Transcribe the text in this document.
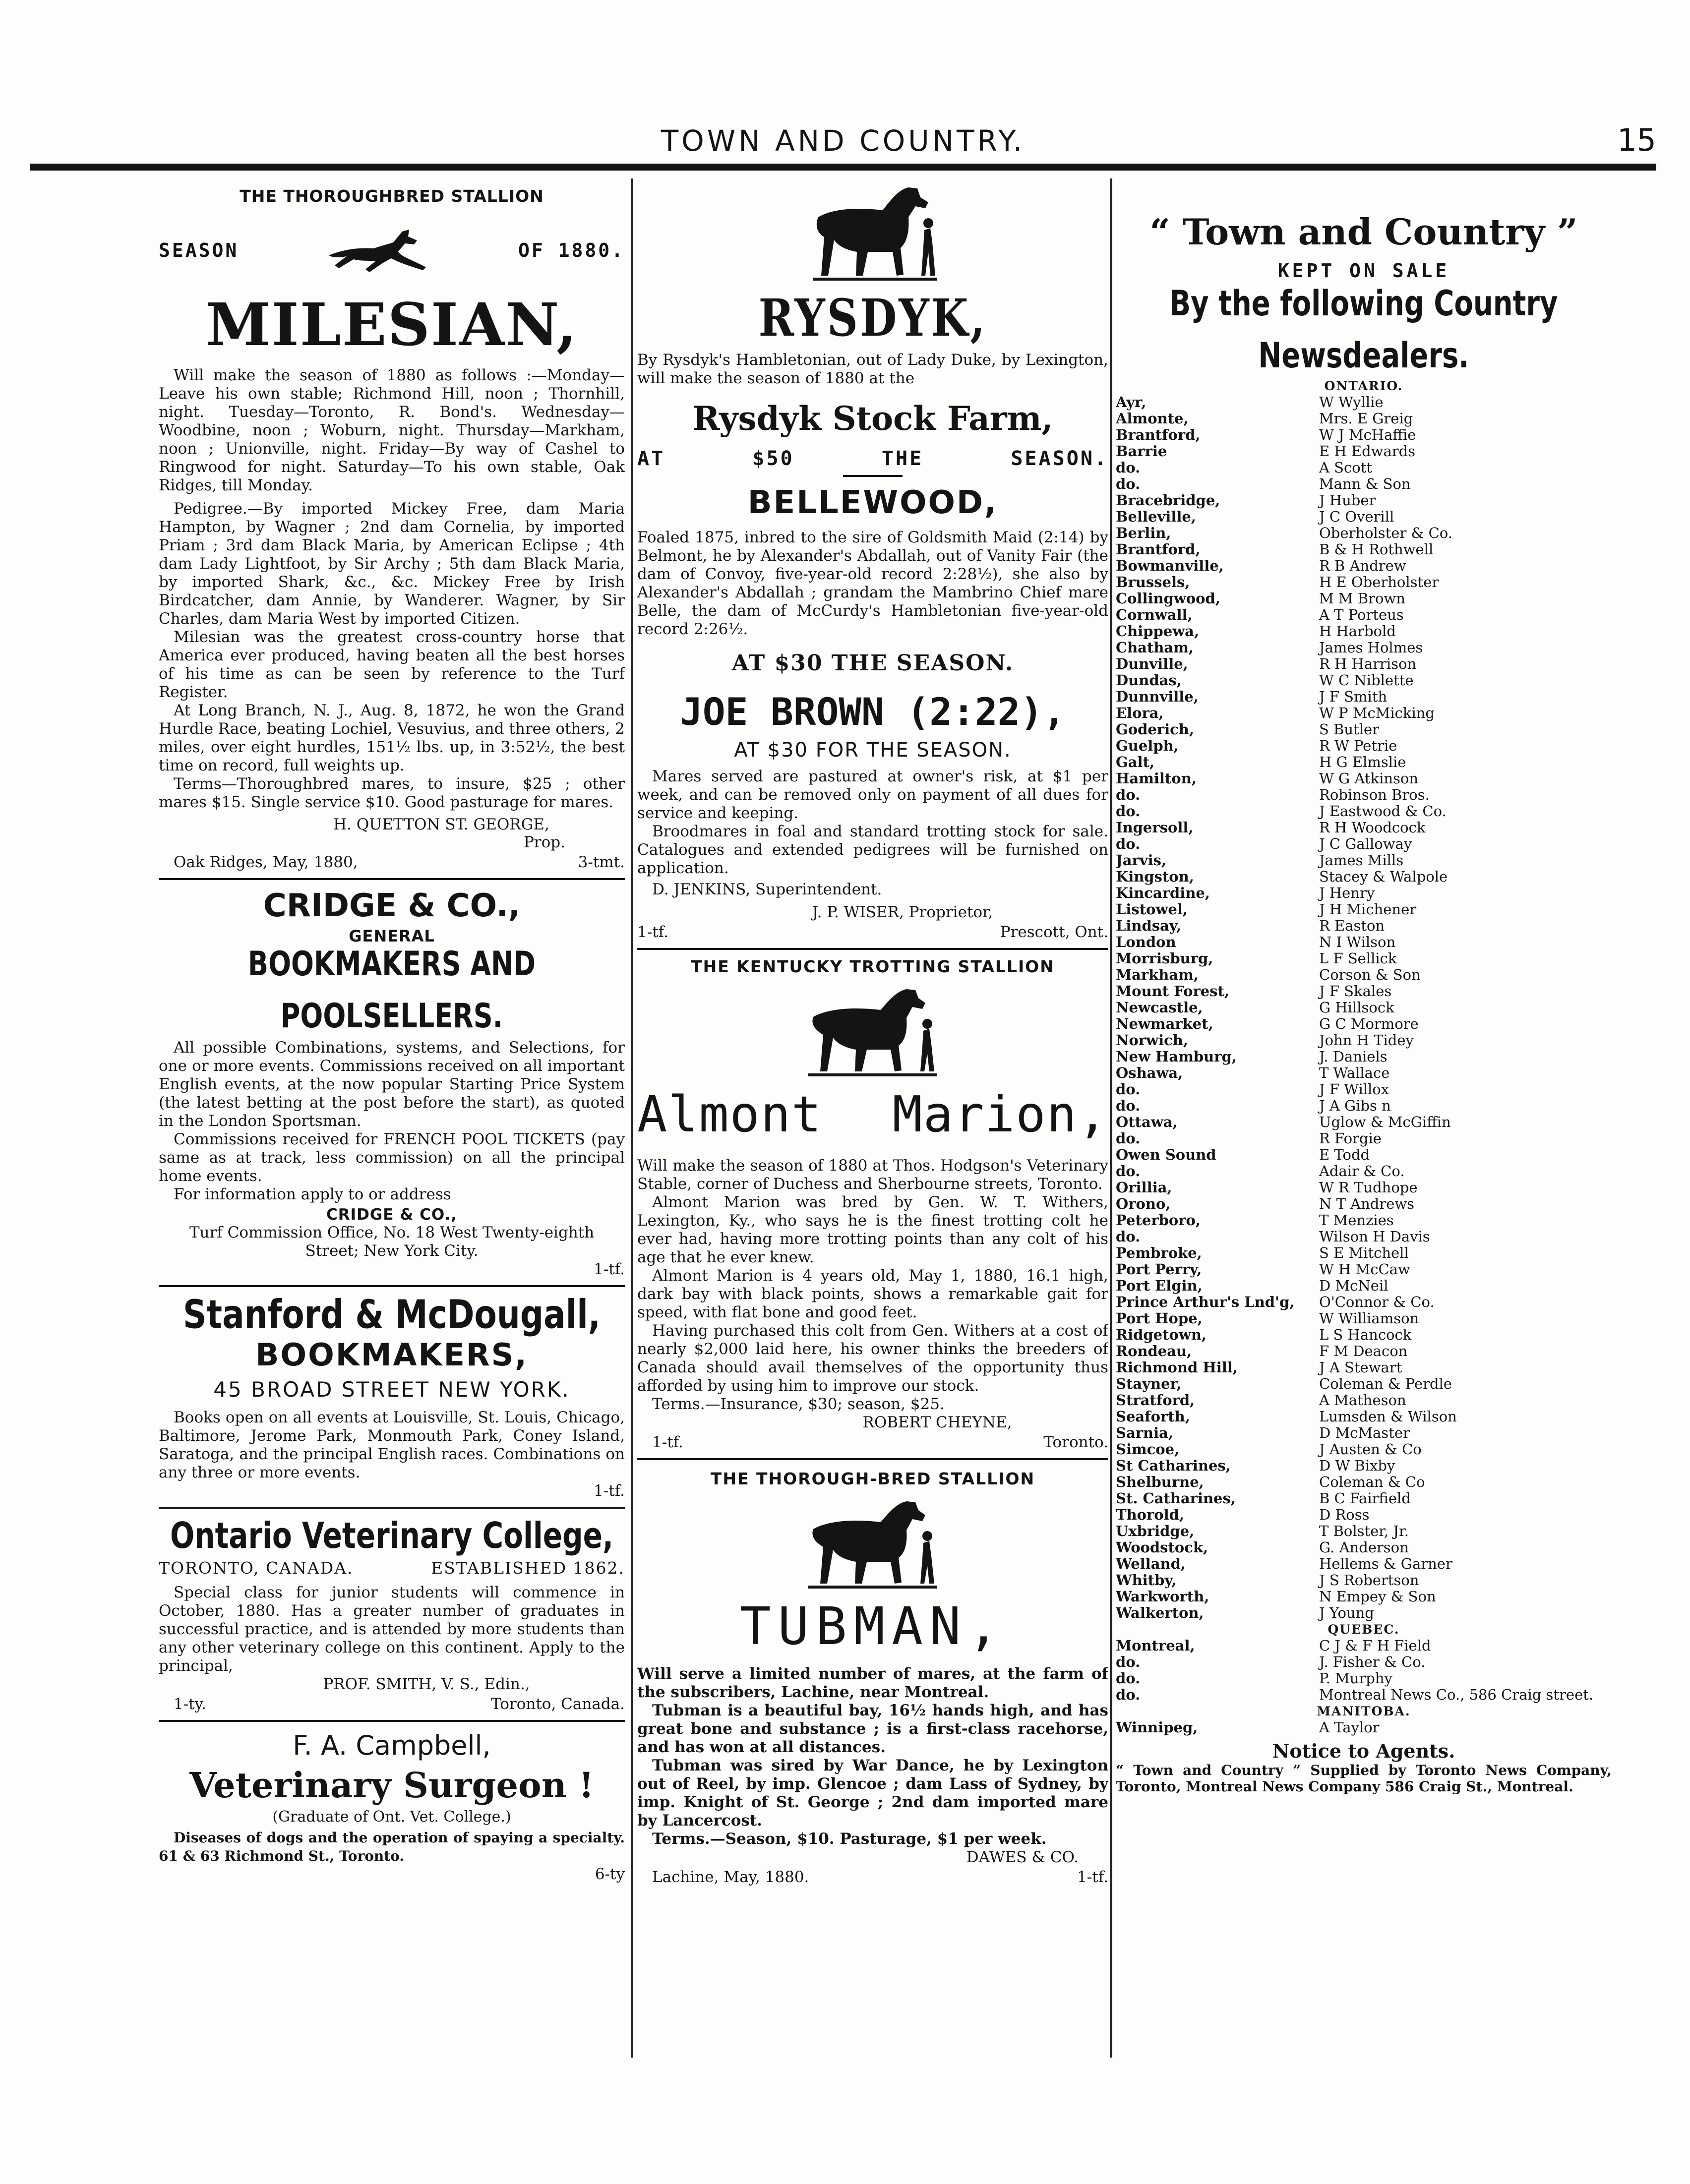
TOWN AND COUNTRY.	15
THE THOROUGHBRED STALLION
SEASON	OF 1880.
MILESIAN,

Will make the season of 1880 as follows :—Monday—Leave his own stable; Richmond Hill, noon ; Thornhill, night. Tuesday—Toronto, R. Bond's. Wednesday—Woodbine, noon ; Woburn, night. Thursday—Markham, noon ; Unionville, night. Friday—By way of Cashel to Ringwood for night. Saturday—To his own stable, Oak Ridges, till Monday.

Pedigree.—By imported Mickey Free, dam Maria Hampton, by Wagner ; 2nd dam Cornelia, by imported Priam ; 3rd dam Black Maria, by American Eclipse ; 4th dam Lady Lightfoot, by Sir Archy ; 5th dam Black Maria, by imported Shark, &c., &c. Mickey Free by Irish Birdcatcher, dam Annie, by Wanderer. Wagner, by Sir Charles, dam Maria West by imported Citizen.

Milesian was the greatest cross-country horse that America ever produced, having beaten all the best horses of his time as can be seen by reference to the Turf Register.

At Long Branch, N. J., Aug. 8, 1872, he won the Grand Hurdle Race, beating Lochiel, Vesuvius, and three others, 2 miles, over eight hurdles, 151½ lbs. up, in 3:52½, the best time on record, full weights up.

Terms—Thoroughbred mares, to insure, $25 ; other mares $15. Single service $10. Good pasturage for mares.

H. QUETTON ST. GEORGE,
Prop.
Oak Ridges, May, 1880,	3-tmt.
CRIDGE & CO.,
GENERAL
BOOKMAKERS AND POOLSELLERS.

All possible Combinations, systems, and Selections, for one or more events. Commissions received on all important English events, at the now popular Starting Price System (the latest betting at the post before the start), as quoted in the London Sportsman.

Commissions received for FRENCH POOL TICKETS (pay same as at track, less commission) on all the principal home events.

For information apply to or address

CRIDGE & CO.,
Turf Commission Office, No. 18 West Twenty-eighth Street; New York City.
1-tf.
Stanford & McDougall,
BOOKMAKERS,
45 BROAD STREET NEW YORK.

Books open on all events at Louisville, St. Louis, Chicago, Baltimore, Jerome Park, Monmouth Park, Coney Island, Saratoga, and the principal English races. Combinations on any three or more events.

1-tf.
Ontario Veterinary College,
TORONTO, CANADA.	ESTABLISHED 1862.

Special class for junior students will commence in October, 1880. Has a greater number of graduates in successful practice, and is attended by more students than any other veterinary college on this continent. Apply to the principal,

PROF. SMITH, V. S., Edin.,
1-ty.	Toronto, Canada.
F. A. Campbell,
Veterinary Surgeon !
(Graduate of Ont. Vet. College.)

Diseases of dogs and the operation of spaying a specialty. 61 & 63 Richmond St., Toronto.

6-ty
RYSDYK,

By Rysdyk's Hambletonian, out of Lady Duke, by Lexington, will make the season of 1880 at the

Rysdyk Stock Farm,
AT	$50	THE	SEASON.
BELLEWOOD,

Foaled 1875, inbred to the sire of Goldsmith Maid (2:14) by Belmont, he by Alexander's Abdallah, out of Vanity Fair (the dam of Convoy, five-year-old record 2:28½), she also by Alexander's Abdallah ; grandam the Mambrino Chief mare Belle, the dam of McCurdy's Hambletonian five-year-old record 2:26½.

AT $30 THE SEASON.
JOE BROWN (2:22),
AT $30 FOR THE SEASON.

Mares served are pastured at owner's risk, at $1 per week, and can be removed only on payment of all dues for service and keeping.

Broodmares in foal and standard trotting stock for sale. Catalogues and extended pedigrees will be furnished on application.

D. JENKINS, Superintendent.
J. P. WISER, Proprietor,
1-tf.	Prescott, Ont.
THE KENTUCKY TROTTING STALLION
Almont Marion,

Will make the season of 1880 at Thos. Hodgson's Veterinary Stable, corner of Duchess and Sherbourne streets, Toronto.

Almont Marion was bred by Gen. W. T. Withers, Lexington, Ky., who says he is the finest trotting colt he ever had, having more trotting points than any colt of his age that he ever knew.

Almont Marion is 4 years old, May 1, 1880, 16.1 high, dark bay with black points, shows a remarkable gait for speed, with flat bone and good feet.

Having purchased this colt from Gen. Withers at a cost of nearly $2,000 laid here, his owner thinks the breeders of Canada should avail themselves of the opportunity thus afforded by using him to improve our stock.

Terms.—Insurance, $30; season, $25.

ROBERT CHEYNE,
1-tf.	Toronto.
THE THOROUGH-BRED STALLION
TUBMAN,

Will serve a limited number of mares, at the farm of the subscribers, Lachine, near Montreal.

Tubman is a beautiful bay, 16½ hands high, and has great bone and substance ; is a first-class racehorse, and has won at all distances.

Tubman was sired by War Dance, he by Lexington out of Reel, by imp. Glencoe ; dam Lass of Sydney, by imp. Knight of St. George ; 2nd dam imported mare by Lancercost.

Terms.—Season, $10. Pasturage, $1 per week.

DAWES & CO.
Lachine, May, 1880.	1-tf.
“ Town and Country ”
KEPT ON SALE
By the following Country Newsdealers.
ONTARIO.
Ayr,	W Wyllie
Almonte,	Mrs. E Greig
Brantford,	W J McHaffie
Barrie	E H Edwards
do.	A Scott
do.	Mann & Son
Bracebridge,	J Huber
Belleville,	J C Overill
Berlin,	Oberholster & Co.
Brantford,	B & H Rothwell
Bowmanville,	R B Andrew
Brussels,	H E Oberholster
Collingwood,	M M Brown
Cornwall,	A T Porteus
Chippewa,	H Harbold
Chatham,	James Holmes
Dunville,	R H Harrison
Dundas,	W C Niblette
Dunnville,	J F Smith
Elora,	W P McMicking
Goderich,	S Butler
Guelph,	R W Petrie
Galt,	H G Elmslie
Hamilton,	W G Atkinson
do.	Robinson Bros.
do.	J Eastwood & Co.
Ingersoll,	R H Woodcock
do.	J C Galloway
Jarvis,	James Mills
Kingston,	Stacey & Walpole
Kincardine,	J Henry
Listowel,	J H Michener
Lindsay,	R Easton
London	N I Wilson
Morrisburg,	L F Sellick
Markham,	Corson & Son
Mount Forest,	J F Skales
Newcastle,	G Hillsock
Newmarket,	G C Mormore
Norwich,	John H Tidey
New Hamburg,	J. Daniels
Oshawa,	T Wallace
do.	J F Willox
do.	J A Gibs n
Ottawa,	Uglow & McGiffin
do.	R Forgie
Owen Sound	E Todd
do.	Adair & Co.
Orillia,	W R Tudhope
Orono,	N T Andrews
Peterboro,	T Menzies
do.	Wilson H Davis
Pembroke,	S E Mitchell
Port Perry,	W H McCaw
Port Elgin,	D McNeil
Prince Arthur's Lnd'g,	O'Connor & Co.
Port Hope,	W Williamson
Ridgetown,	L S Hancock
Rondeau,	F M Deacon
Richmond Hill,	J A Stewart
Stayner,	Coleman & Perdle
Stratford,	A Matheson
Seaforth,	Lumsden & Wilson
Sarnia,	D McMaster
Simcoe,	J Austen & Co
St Catharines,	D W Bixby
Shelburne,	Coleman & Co
St. Catharines,	B C Fairfield
Thorold,	D Ross
Uxbridge,	T Bolster, Jr.
Woodstock,	G. Anderson
Welland,	Hellems & Garner
Whitby,	J S Robertson
Warkworth,	N Empey & Son
Walkerton,	J Young
QUEBEC.
Montreal,	C J & F H Field
do.	J. Fisher & Co.
do.	P. Murphy
do.	Montreal News Co., 586 Craig street.
MANITOBA.
Winnipeg,	A Taylor
Notice to Agents.

“ Town and Country ” Supplied by Toronto News Company, Toronto, Montreal News Company 586 Craig St., Montreal.
